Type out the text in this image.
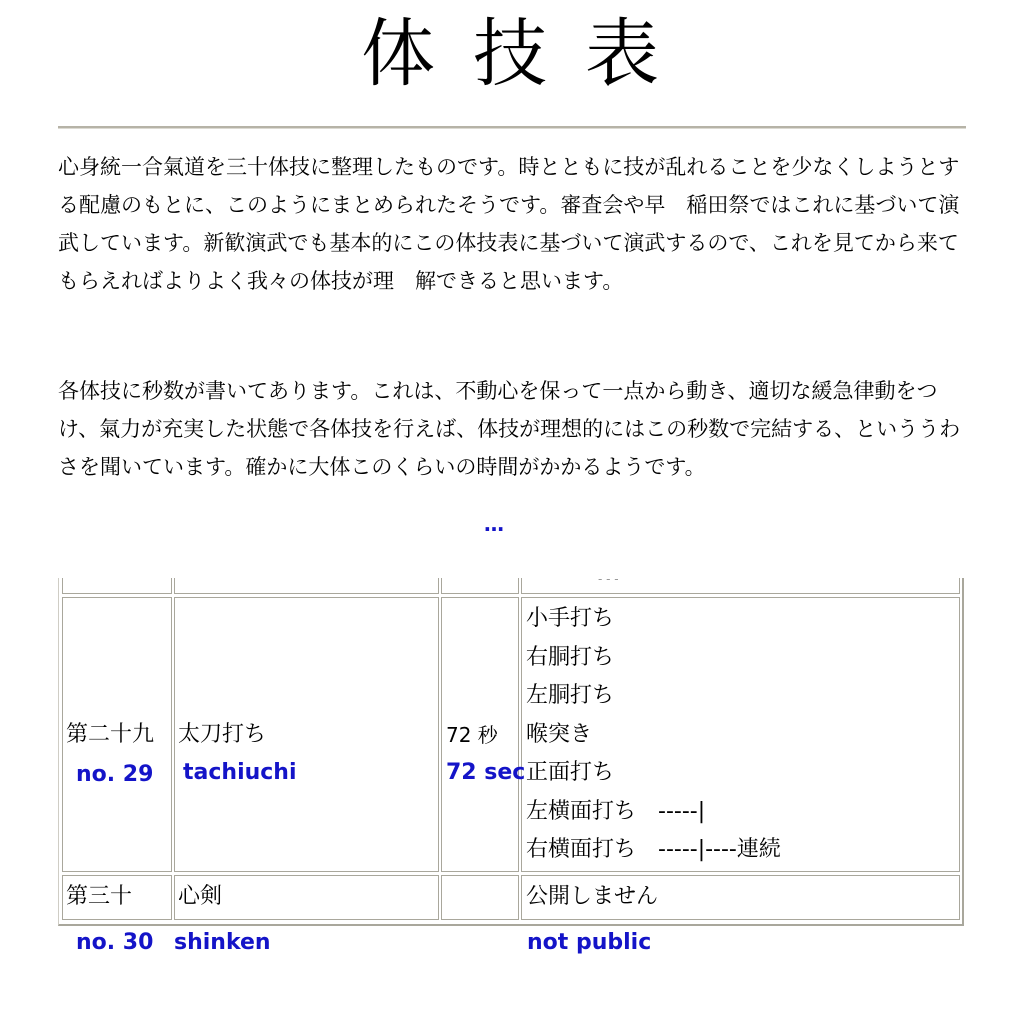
体技表

心身統一合氣道を三十体技に整理したものです。時とともに技が乱れることを少なくしようとする配慮のもとに、このようにまとめられたそうです。審査会や早　稲田祭ではこれに基づいて演武しています。新歓演武でも基本的にこの体技表に基づいて演武するので、これを見てから来てもらえればよりよく我々の体技が理　解できると思います。

各体技に秒数が書いてあります。これは、不動心を保って一点から動き、適切な緩急律動をつけ、氣力が充実した状態で各体技を行えば、体技が理想的にはこの秒数で完結する、といううわさを聞いています。確かに大体このくらいの時間がかかるようです。

…
‐ ‐ ‐
第二十九
no. 29
太刀打ち
tachiuchi
72 秒
72 sec
小手打ち
右胴打ち
左胴打ち
喉突き
正面打ち
左横面打ち　-----|
右横面打ち　-----|----連続
第三十 心剣	公開しません
no. 30 shinken	not public
